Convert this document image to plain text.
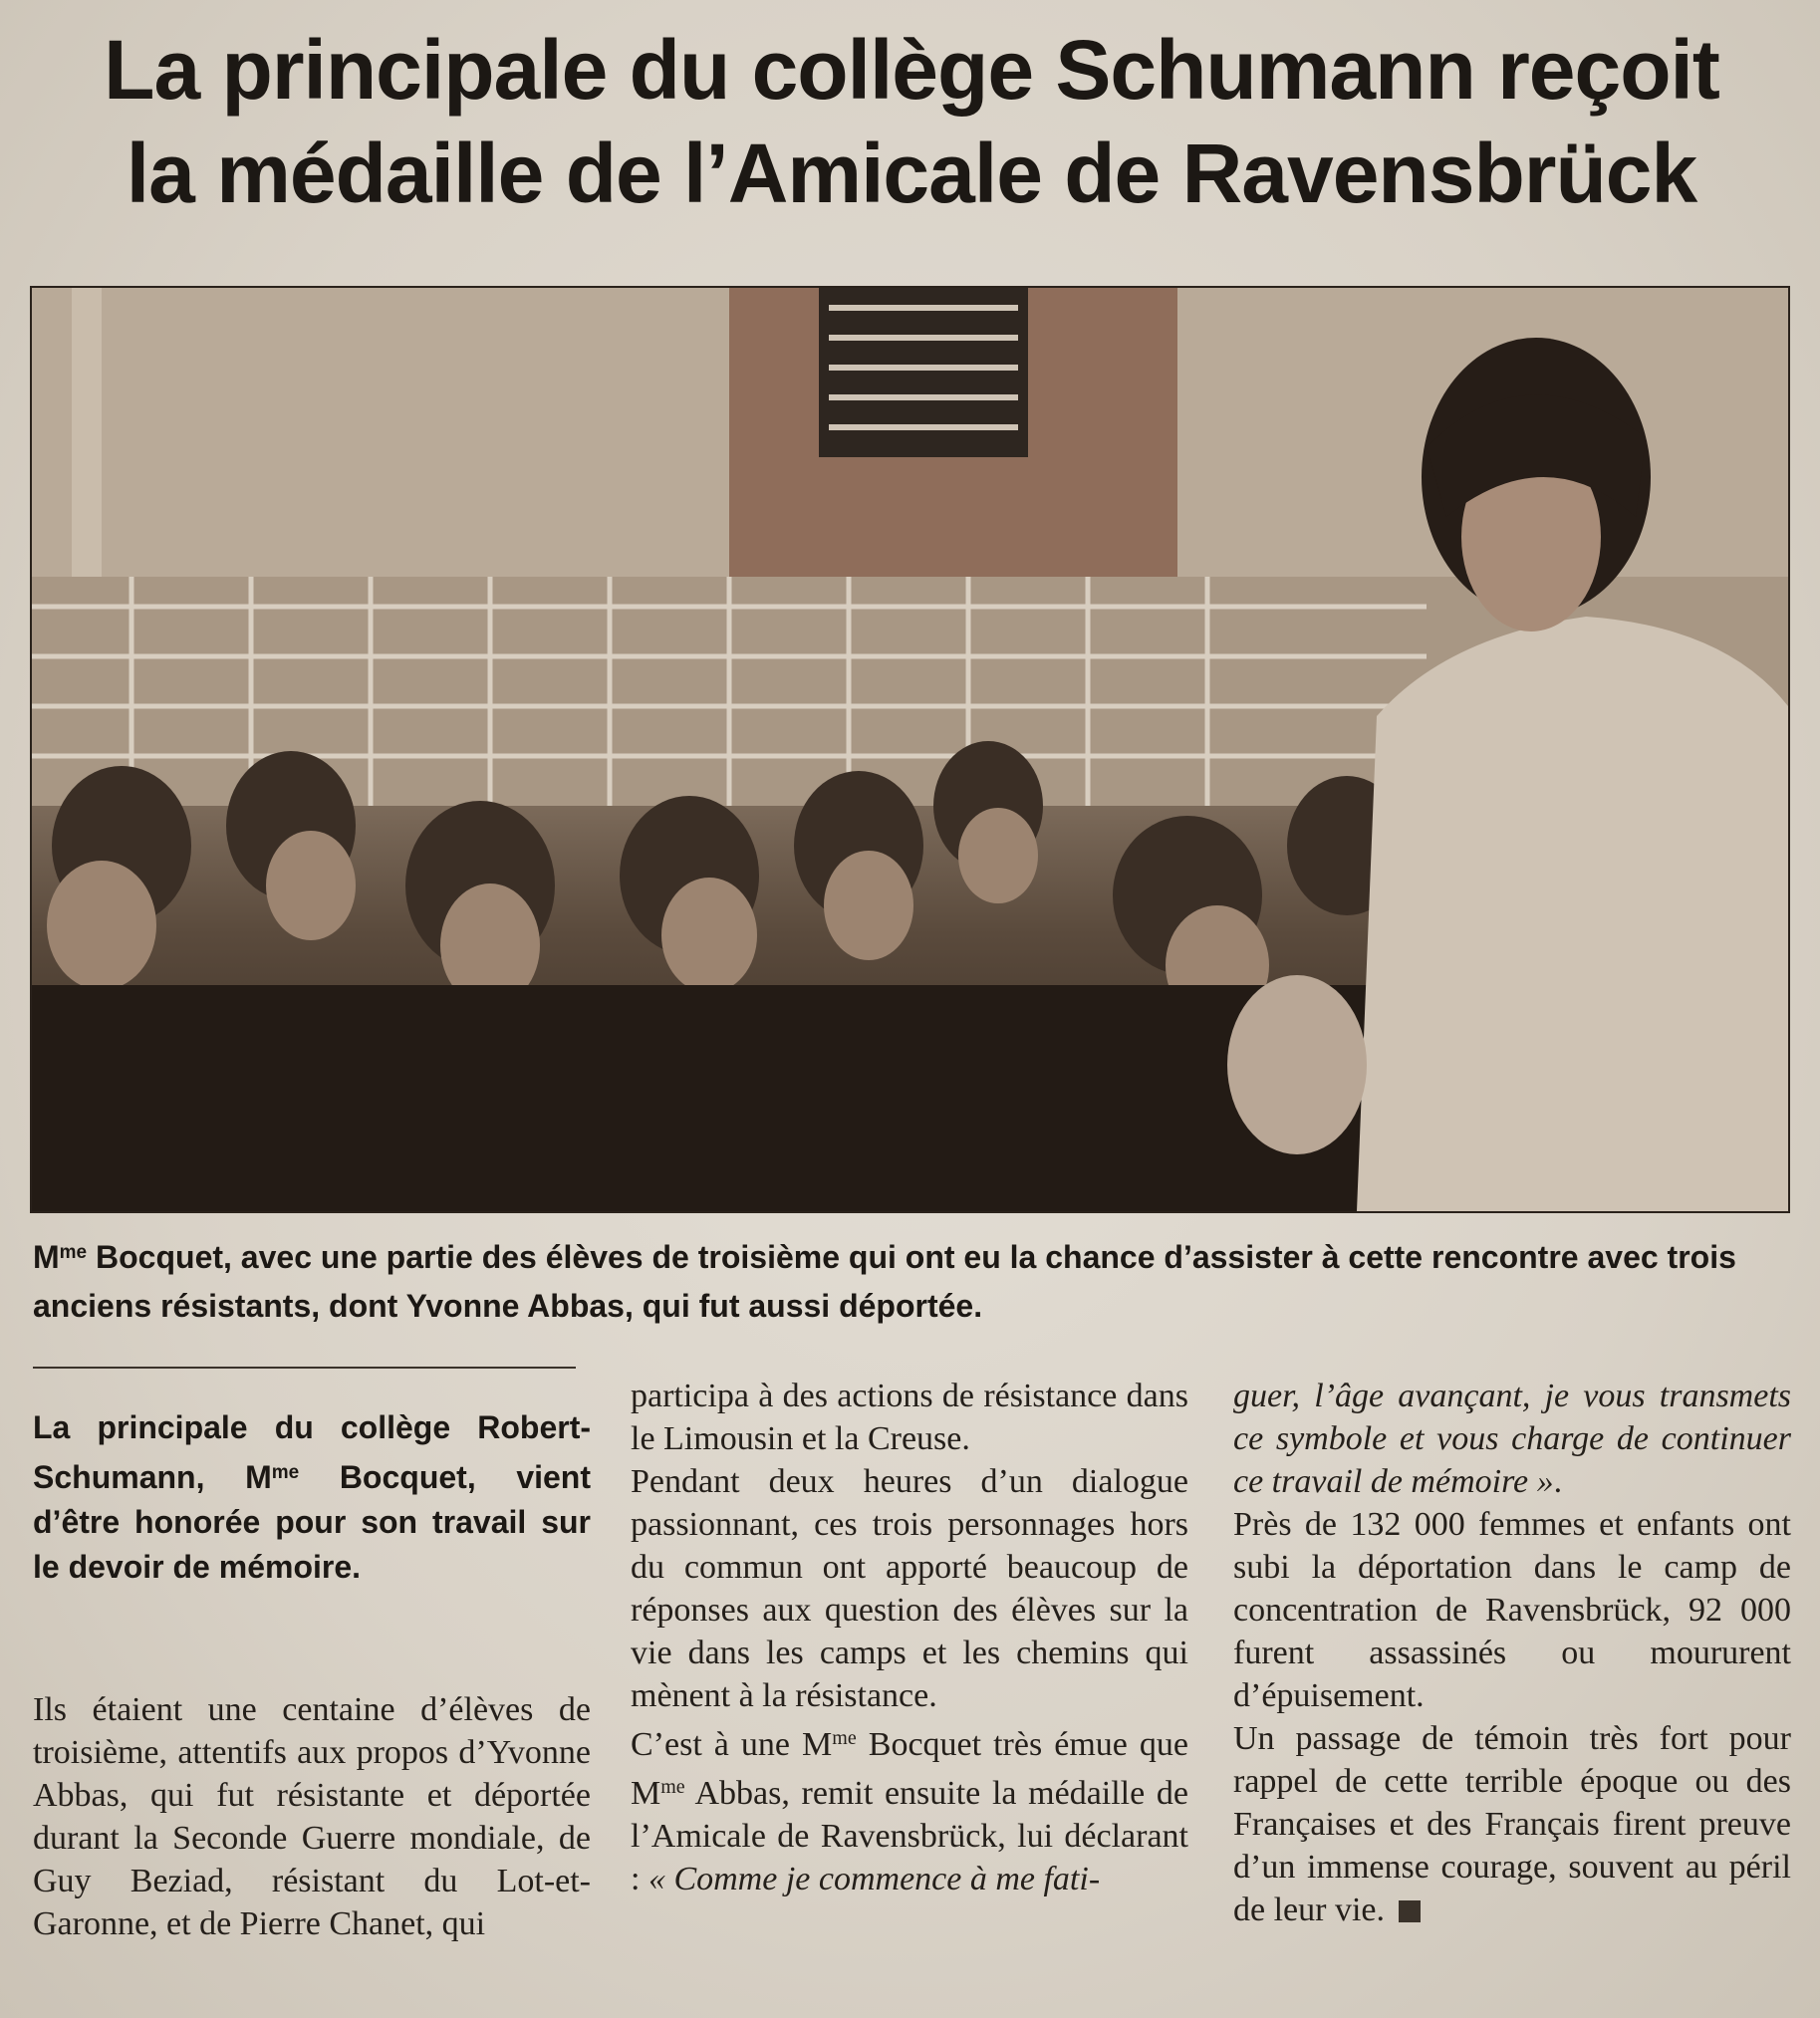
La principale du collège Schumann reçoit
la médaille de l’Amicale de Ravensbrück

$M^{me}$ Bocquet, avec une partie des élèves de troisième qui ont eu la chance d’assister à cette rencontre avec trois anciens résistants, dont Yvonne Abbas, qui fut aussi déportée.

La principale du collège Robert-Schumann, $M^{me}$ Bocquet, vient d’être honorée pour son travail sur le devoir de mémoire.

Ils étaient une centaine d’élèves de troisième, attentifs aux propos d’Yvonne Abbas, qui fut résistante et déportée durant la Seconde Guerre mondiale, de Guy Beziad, résistant du Lot-et-Garonne, et de Pierre Chanet, qui

participa à des actions de résistance dans le Limousin et la Creuse.

Pendant deux heures d’un dialogue passionnant, ces trois personnages hors du commun ont apporté beaucoup de réponses aux question des élèves sur la vie dans les camps et les chemins qui mènent à la résistance.

C’est à une $M^{me}$ Bocquet très émue que $M^{me}$ Abbas, remit ensuite la médaille de l’Amicale de Ravensbrück, lui déclarant : « Comme je commence à me fati-

guer, l’âge avançant, je vous transmets ce symbole et vous charge de continuer ce travail de mémoire ».

Près de 132 000 femmes et enfants ont subi la déportation dans le camp de concentration de Ravensbrück, 92 000 furent assassinés ou moururent d’épuisement.

Un passage de témoin très fort pour rappel de cette terrible époque ou des Françaises et des Français firent preuve d’un immense courage, souvent au péril de leur vie.
